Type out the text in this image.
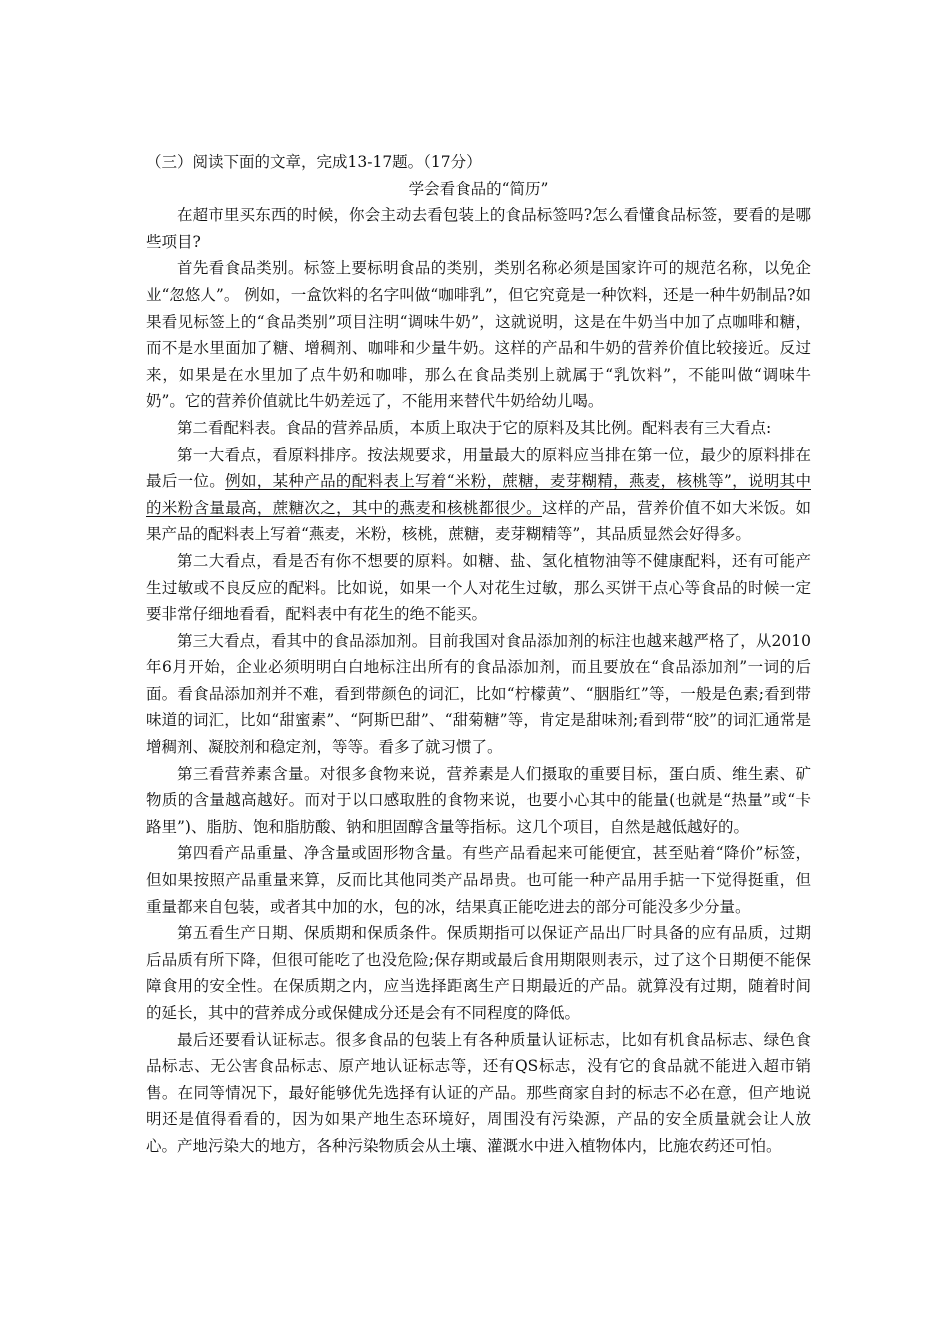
（三）阅读下面的文章，完成13-17题。（17分）

学会看食品的“简历”

在超市里买东西的时候，你会主动去看包装上的食品标签吗?怎么看懂食品标签，要看的是哪些项目?

首先看食品类别。标签上要标明食品的类别，类别名称必须是国家许可的规范名称，以免企业“忽悠人”。 例如，一盒饮料的名字叫做“咖啡乳”，但它究竟是一种饮料，还是一种牛奶制品?如果看见标签上的“食品类别”项目注明“调味牛奶”，这就说明，这是在牛奶当中加了点咖啡和糖，而不是水里面加了糖、增稠剂、咖啡和少量牛奶。这样的产品和牛奶的营养价值比较接近。反过来，如果是在水里加了点牛奶和咖啡，那么在食品类别上就属于“乳饮料”，不能叫做“调味牛奶”。它的营养价值就比牛奶差远了，不能用来替代牛奶给幼儿喝。

第二看配料表。食品的营养品质，本质上取决于它的原料及其比例。配料表有三大看点:

第一大看点，看原料排序。按法规要求，用量最大的原料应当排在第一位，最少的原料排在最后一位。例如，某种产品的配料表上写着“米粉，蔗糖，麦芽糊精，燕麦，核桃等”，说明其中的米粉含量最高，蔗糖次之，其中的燕麦和核桃都很少。这样的产品，营养价值不如大米饭。如果产品的配料表上写着“燕麦，米粉，核桃，蔗糖，麦芽糊精等”，其品质显然会好得多。

第二大看点，看是否有你不想要的原料。如糖、盐、氢化植物油等不健康配料，还有可能产生过敏或不良反应的配料。比如说，如果一个人对花生过敏，那么买饼干点心等食品的时候一定要非常仔细地看看，配料表中有花生的绝不能买。

第三大看点，看其中的食品添加剂。目前我国对食品添加剂的标注也越来越严格了，从2010年6月开始，企业必须明明白白地标注出所有的食品添加剂，而且要放在“食品添加剂”一词的后面。看食品添加剂并不难，看到带颜色的词汇，比如“柠檬黄”、“胭脂红”等，一般是色素;看到带味道的词汇，比如“甜蜜素”、“阿斯巴甜”、“甜菊糖”等，肯定是甜味剂;看到带“胶”的词汇通常是增稠剂、凝胶剂和稳定剂，等等。看多了就习惯了。

第三看营养素含量。对很多食物来说，营养素是人们摄取的重要目标，蛋白质、维生素、矿物质的含量越高越好。而对于以口感取胜的食物来说，也要小心其中的能量(也就是“热量”或“卡路里”)、脂肪、饱和脂肪酸、钠和胆固醇含量等指标。这几个项目，自然是越低越好的。

第四看产品重量、净含量或固形物含量。有些产品看起来可能便宜，甚至贴着“降价”标签，但如果按照产品重量来算，反而比其他同类产品昂贵。也可能一种产品用手掂一下觉得挺重，但重量都来自包装，或者其中加的水，包的冰，结果真正能吃进去的部分可能没多少分量。

第五看生产日期、保质期和保质条件。保质期指可以保证产品出厂时具备的应有品质，过期后品质有所下降，但很可能吃了也没危险;保存期或最后食用期限则表示，过了这个日期便不能保障食用的安全性。在保质期之内，应当选择距离生产日期最近的产品。就算没有过期，随着时间的延长，其中的营养成分或保健成分还是会有不同程度的降低。

最后还要看认证标志。很多食品的包装上有各种质量认证标志，比如有机食品标志、绿色食品标志、无公害食品标志、原产地认证标志等，还有QS标志，没有它的食品就不能进入超市销售。在同等情况下，最好能够优先选择有认证的产品。那些商家自封的标志不必在意，但产地说明还是值得看看的，因为如果产地生态环境好，周围没有污染源，产品的安全质量就会让人放心。产地污染大的地方，各种污染物质会从土壤、灌溉水中进入植物体内，比施农药还可怕。
